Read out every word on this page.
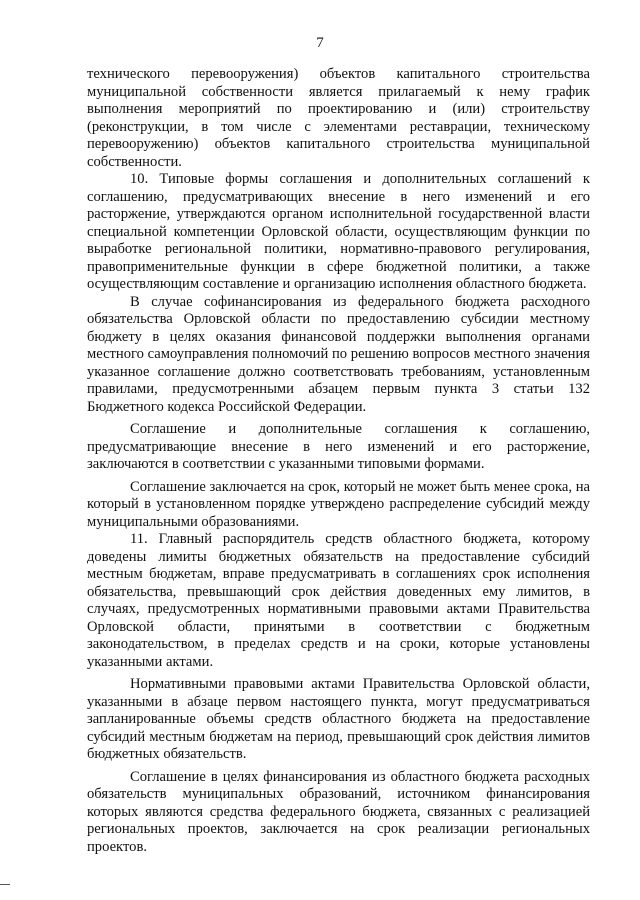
7

технического перевооружения) объектов капитального строительства муниципальной собственности является прилагаемый к нему график выполнения мероприятий по проектированию и (или) строительству (реконструкции, в том числе с элементами реставрации, техническому перевооружению) объектов капитального строительства муниципальной собственности.

10. Типовые формы соглашения и дополнительных соглашений к соглашению, предусматривающих внесение в него изменений и его расторжение, утверждаются органом исполнительной государственной власти специальной компетенции Орловской области, осуществляющим функции по выработке региональной политики, нормативно-правового регулирования, правоприменительные функции в сфере бюджетной политики, а также осуществляющим составление и организацию исполнения областного бюджета.

В случае софинансирования из федерального бюджета расходного обязательства Орловской области по предоставлению субсидии местному бюджету в целях оказания финансовой поддержки выполнения органами местного самоуправления полномочий по решению вопросов местного значения указанное соглашение должно соответствовать требованиям, установленным правилами, предусмотренными абзацем первым пункта 3 статьи 132 Бюджетного кодекса Российской Федерации.

Соглашение и дополнительные соглашения к соглашению, предусматривающие внесение в него изменений и его расторжение, заключаются в соответствии с указанными типовыми формами.

Соглашение заключается на срок, который не может быть менее срока, на который в установленном порядке утверждено распределение субсидий между муниципальными образованиями.

11. Главный распорядитель средств областного бюджета, которому доведены лимиты бюджетных обязательств на предоставление субсидий местным бюджетам, вправе предусматривать в соглашениях срок исполнения обязательства, превышающий срок действия доведенных ему лимитов, в случаях, предусмотренных нормативными правовыми актами Правительства Орловской области, принятыми в соответствии с бюджетным законодательством, в пределах средств и на сроки, которые установлены указанными актами.

Нормативными правовыми актами Правительства Орловской области, указанными в абзаце первом настоящего пункта, могут предусматриваться запланированные объемы средств областного бюджета на предоставление субсидий местным бюджетам на период, превышающий срок действия лимитов бюджетных обязательств.

Соглашение в целях финансирования из областного бюджета расходных обязательств муниципальных образований, источником финансирования которых являются средства федерального бюджета, связанных с реализацией региональных проектов, заключается на срок реализации региональных проектов.
